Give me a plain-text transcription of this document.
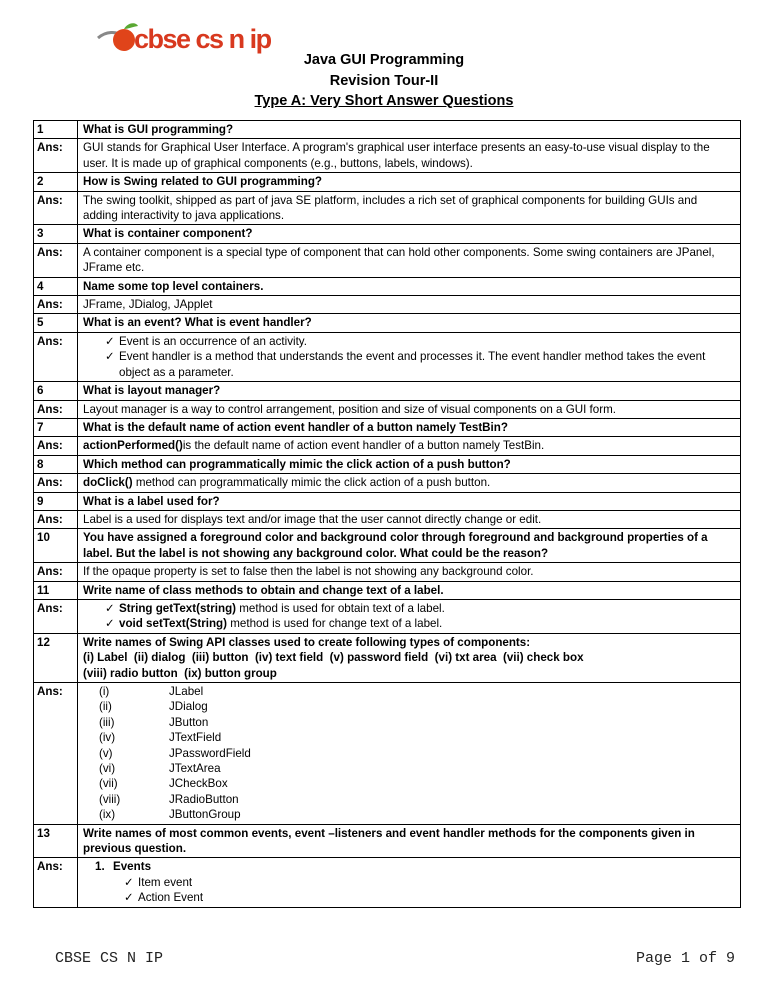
cbse cs n ip
Java GUI Programming
Revision Tour-II
Type A: Very Short Answer Questions
1	What is GUI programming?
Ans:	GUI stands for Graphical User Interface. A program's graphical user interface presents an easy-to-use visual display to the user. It is made up of graphical components (e.g., buttons, labels, windows).
2	How is Swing related to GUI programming?
Ans:	The swing toolkit, shipped as part of java SE platform, includes a rich set of graphical components for building GUIs and adding interactivity to java applications.
3	What is container component?
Ans:	A container component is a special type of component that can hold other components. Some swing containers are JPanel, JFrame etc.
4	Name some top level containers.
Ans:	JFrame, JDialog, JApplet
5	What is an event? What is event handler?
Ans:	✓ Event is an occurrence of an activity.
✓ Event handler is a method that understands the event and processes it. The event handler method takes the event object as a parameter.
6	What is layout manager?
Ans:	Layout manager is a way to control arrangement, position and size of visual components on a GUI form.
7	What is the default name of action event handler of a button namely TestBin?
Ans:	actionPerformed()is the default name of action event handler of a button namely TestBin.
8	Which method can programmatically mimic the click action of a push button?
Ans:	doClick() method can programmatically mimic the click action of a push button.
9	What is a label used for?
Ans:	Label is a used for displays text and/or image that the user cannot directly change or edit.
10	You have assigned a foreground color and background color through foreground and background properties of a label. But the label is not showing any background color. What could be the reason?
Ans:	If the opaque property is set to false then the label is not showing any background color.
11	Write name of class methods to obtain and change text of a label.
Ans:	✓ String getText(string) method is used for obtain text of a label.
✓ void setText(String) method is used for change text of a label.
12	Write names of Swing API classes used to create following types of components:
(i) Label  (ii) dialog  (iii) button  (iv) text field  (v) password field  (vi) txt area  (vii) check box
(viii) radio button  (ix) button group
Ans:	(i)	JLabel
(ii)	JDialog
(iii)	JButton
(iv)	JTextField
(v)	JPasswordField
(vi)	JTextArea
(vii)	JCheckBox
(viii)	JRadioButton
(ix)	JButtonGroup
13	Write names of most common events, event –listeners and event handler methods for the components given in previous question.
Ans:	1. Events
✓ Item event
✓ Action Event
CBSE CS N IP	Page 1 of 9
